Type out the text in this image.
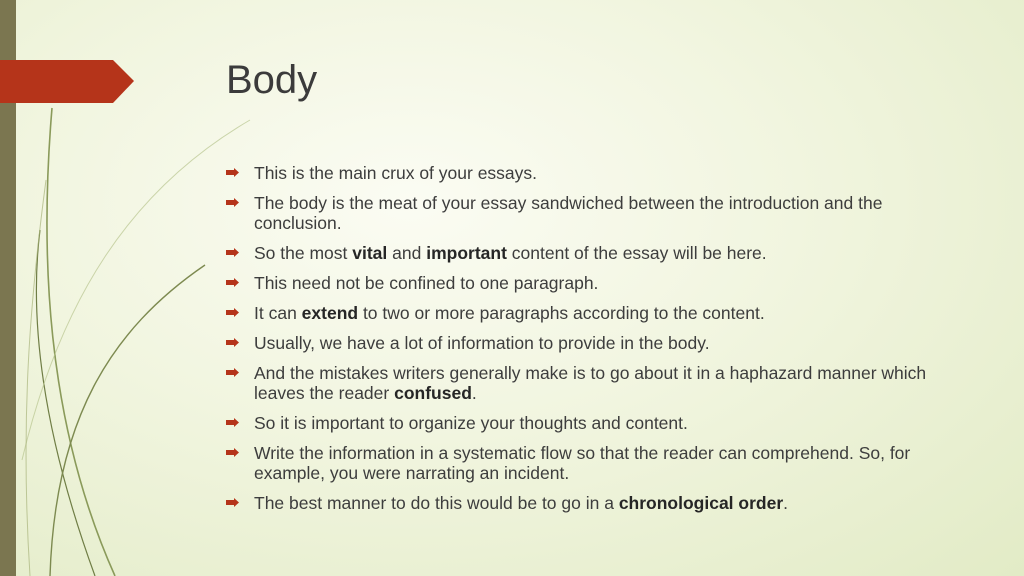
Body
This is the main crux of your essays.
The body is the meat of your essay sandwiched between the introduction and the conclusion.
So the most vital and important content of the essay will be here.
This need not be confined to one paragraph.
It can extend to two or more paragraphs according to the content.
Usually, we have a lot of information to provide in the body.
And the mistakes writers generally make is to go about it in a haphazard manner which leaves the reader confused.
So it is important to organize your thoughts and content.
Write the information in a systematic flow so that the reader can comprehend. So, for example, you were narrating an incident.
The best manner to do this would be to go in a chronological order.
